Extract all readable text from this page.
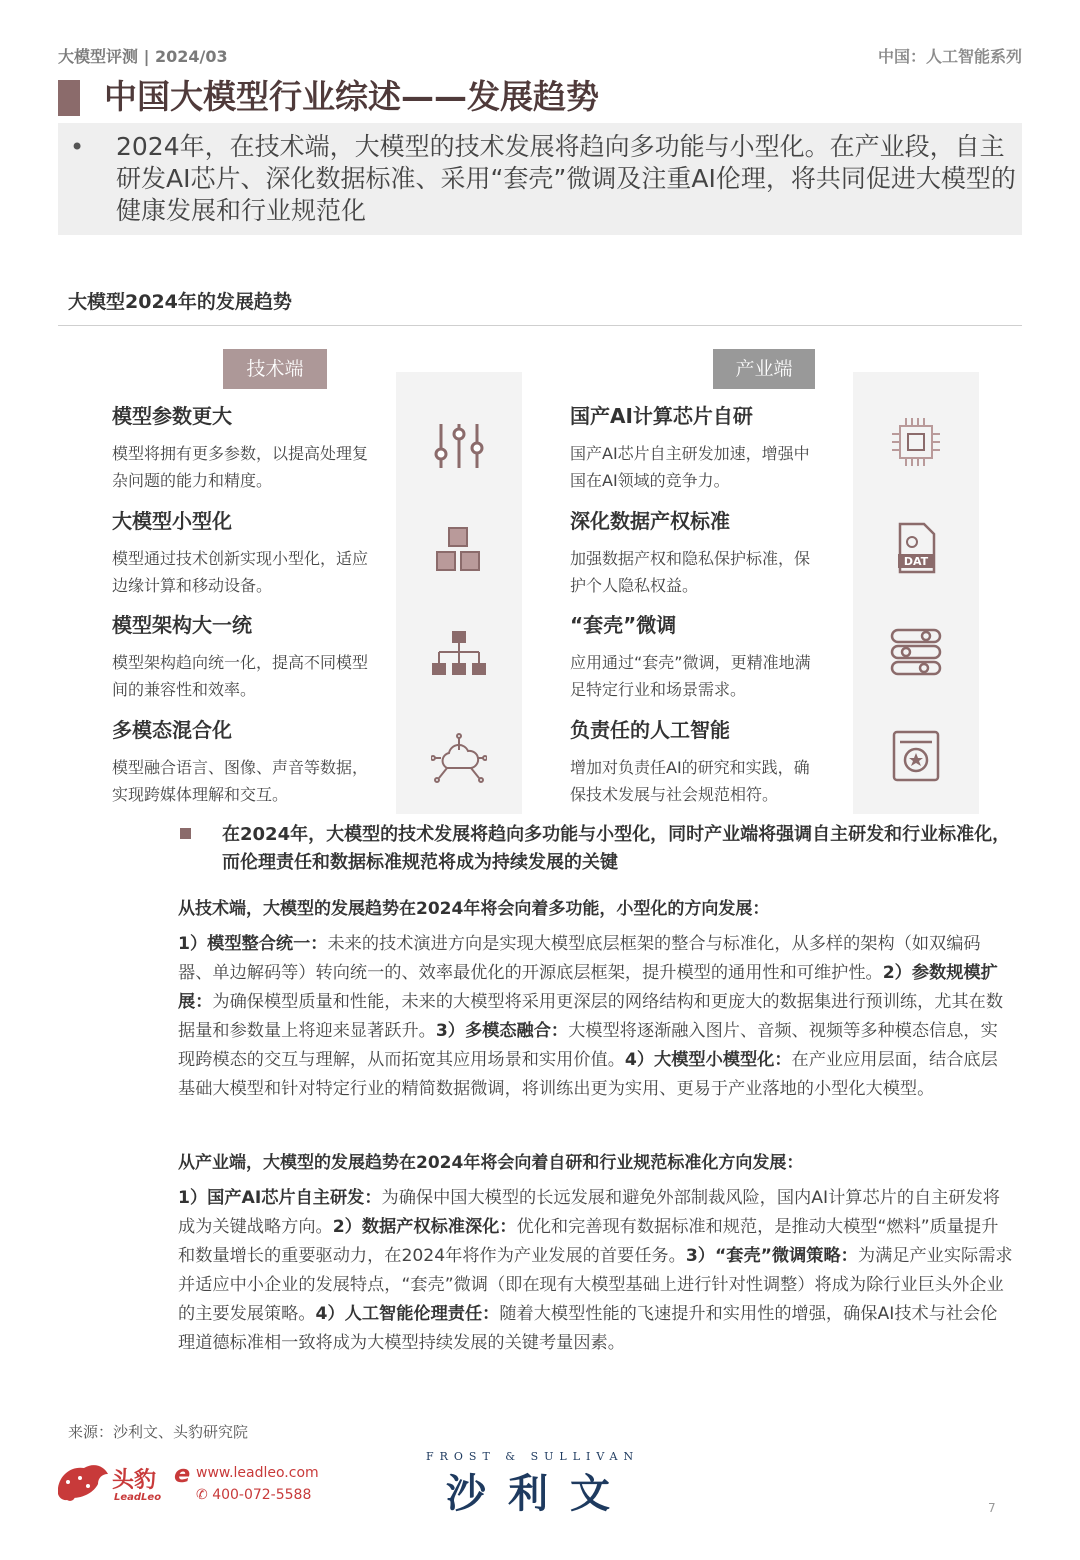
大模型评测 | 2024/03	中国：人工智能系列
中国大模型行业综述——发展趋势
• 2024年，在技术端，大模型的技术发展将趋向多功能与小型化。在产业段，自主研发AI芯片、深化数据标准、采用“套壳”微调及注重AI伦理，将共同促进大模型的健康发展和行业规范化
大模型2024年的发展趋势
技术端	产业端
模型参数更大
模型将拥有更多参数，以提高处理复杂问题的能力和精度。
大模型小型化
模型通过技术创新实现小型化，适应边缘计算和移动设备。
模型架构大一统
模型架构趋向统一化，提高不同模型间的兼容性和效率。
多模态混合化
模型融合语言、图像、声音等数据，实现跨媒体理解和交互。
国产AI计算芯片自研
国产AI芯片自主研发加速，增强中国在AI领域的竞争力。
深化数据产权标准
加强数据产权和隐私保护标准，保护个人隐私权益。
“套壳”微调
应用通过“套壳”微调，更精准地满足特定行业和场景需求。
负责任的人工智能
增加对负责任AI的研究和实践，确保技术发展与社会规范相符。
DAT
在2024年，大模型的技术发展将趋向多功能与小型化，同时产业端将强调自主研发和行业标准化，而伦理责任和数据标准规范将成为持续发展的关键
从技术端，大模型的发展趋势在2024年将会向着多功能，小型化的方向发展：
1）模型整合统一：未来的技术演进方向是实现大模型底层框架的整合与标准化，从多样的架构（如双编码器、单边解码等）转向统一的、效率最优化的开源底层框架，提升模型的通用性和可维护性。2）参数规模扩展：为确保模型质量和性能，未来的大模型将采用更深层的网络结构和更庞大的数据集进行预训练，尤其在数据量和参数量上将迎来显著跃升。3）多模态融合：大模型将逐渐融入图片、音频、视频等多种模态信息，实现跨模态的交互与理解，从而拓宽其应用场景和实用价值。4）大模型小模型化：在产业应用层面，结合底层基础大模型和针对特定行业的精简数据微调，将训练出更为实用、更易于产业落地的小型化大模型。
从产业端，大模型的发展趋势在2024年将会向着自研和行业规范标准化方向发展：
1）国产AI芯片自主研发：为确保中国大模型的长远发展和避免外部制裁风险，国内AI计算芯片的自主研发将成为关键战略方向。2）数据产权标准深化：优化和完善现有数据标准和规范，是推动大模型“燃料”质量提升和数量增长的重要驱动力，在2024年将作为产业发展的首要任务。3）“套壳”微调策略：为满足产业实际需求并适应中小企业的发展特点，“套壳”微调（即在现有大模型基础上进行针对性调整）将成为除行业巨头外企业的主要发展策略。4）人工智能伦理责任：随着大模型性能的飞速提升和实用性的增强，确保AI技术与社会伦理道德标准相一致将成为大模型持续发展的关键考量因素。
来源：沙利文、头豹研究院
头豹
LeadLeo
e www.leadleo.com
✆ 400-072-5588
FROST & SULLIVAN
沙利文	7
